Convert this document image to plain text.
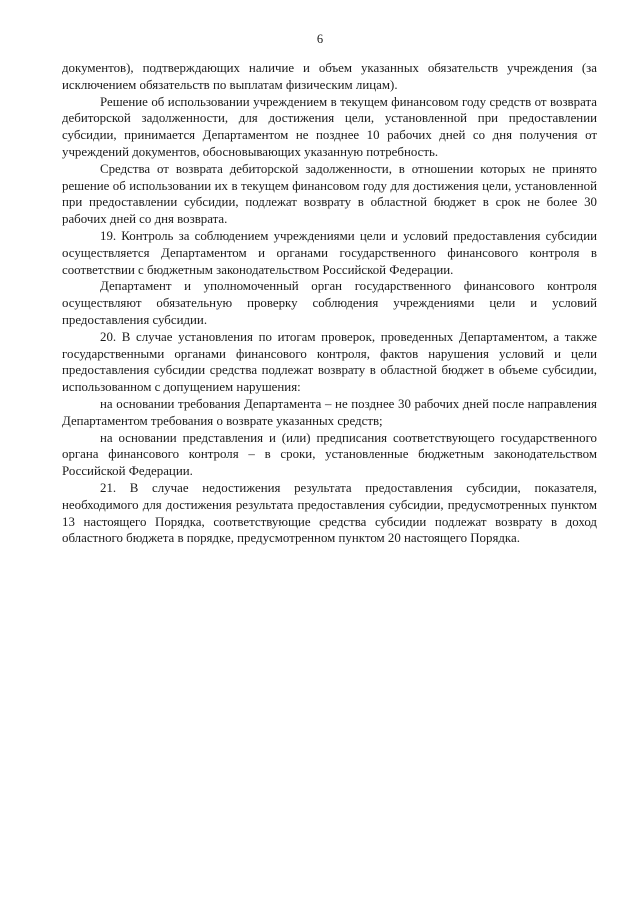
6

документов), подтверждающих наличие и объем указанных обязательств учреждения (за исключением обязательств по выплатам физическим лицам).

Решение об использовании учреждением в текущем финансовом году средств от возврата дебиторской задолженности, для достижения цели, установленной при предоставлении субсидии, принимается Департаментом не позднее 10 рабочих дней со дня получения от учреждений документов, обосновывающих указанную потребность.

Средства от возврата дебиторской задолженности, в отношении которых не принято решение об использовании их в текущем финансовом году для достижения цели, установленной при предоставлении субсидии, подлежат возврату в областной бюджет в срок не более 30 рабочих дней со дня возврата.

19. Контроль за соблюдением учреждениями цели и условий предоставления субсидии осуществляется Департаментом и органами государственного финансового контроля в соответствии с бюджетным законодательством Российской Федерации.

Департамент и уполномоченный орган государственного финансового контроля осуществляют обязательную проверку соблюдения учреждениями цели и условий предоставления субсидии.

20. В случае установления по итогам проверок, проведенных Департаментом, а также государственными органами финансового контроля, фактов нарушения условий и цели предоставления субсидии средства подлежат возврату в областной бюджет в объеме субсидии, использованном с допущением нарушения:

на основании требования Департамента – не позднее 30 рабочих дней после направления Департаментом требования о возврате указанных средств;

на основании представления и (или) предписания соответствующего государственного органа финансового контроля – в сроки, установленные бюджетным законодательством Российской Федерации.

21. В случае недостижения результата предоставления субсидии, показателя, необходимого для достижения результата предоставления субсидии, предусмотренных пунктом 13 настоящего Порядка, соответствующие средства субсидии подлежат возврату в доход областного бюджета в порядке, предусмотренном пунктом 20 настоящего Порядка.
